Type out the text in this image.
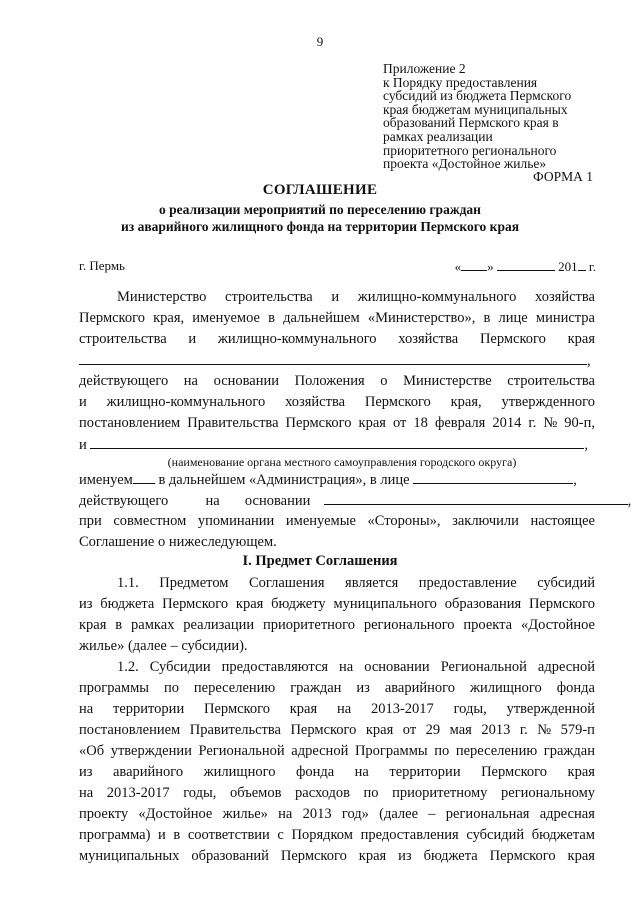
9
Приложение 2
к Порядку предоставления
субсидий из бюджета Пермского
края бюджетам муниципальных
образований Пермского края в
рамках реализации
приоритетного регионального
проекта «Достойное жилье»
ФОРМА 1
СОГЛАШЕНИЕ
о реализации мероприятий по переселению граждан
из аварийного жилищного фонда на территории Пермского края
г. Пермь	« »	201 г.
Министерство строительства и жилищно-коммунального хозяйства
Пермского края, именуемое в дальнейшем «Министерство», в лице министра
строительства и жилищно-коммунального хозяйства Пермского края
,
действующего на основании Положения о Министерстве строительства
и жилищно-коммунального хозяйства Пермского края, утвержденного
постановлением Правительства Пермского края от 18 февраля 2014 г. № 90-п,
и	,
(наименование органа местного самоуправления городского округа)
именуем в дальнейшем «Администрация», в лице	,
действующего	на основании	,
при совместном упоминании именуемые «Стороны», заключили настоящее
Соглашение о нижеследующем.
I. Предмет Соглашения
1.1. Предметом Соглашения является предоставление субсидий
из бюджета Пермского края бюджету муниципального образования Пермского
края в рамках реализации приоритетного регионального проекта «Достойное
жилье» (далее – субсидии).
1.2. Субсидии предоставляются на основании Региональной адресной
программы по переселению граждан из аварийного жилищного фонда
на территории Пермского края на 2013-2017 годы, утвержденной
постановлением Правительства Пермского края от 29 мая 2013 г. № 579-п
«Об утверждении Региональной адресной Программы по переселению граждан
из аварийного жилищного фонда на территории Пермского края
на 2013-2017 годы, объемов расходов по приоритетному региональному
проекту «Достойное жилье» на 2013 год» (далее – региональная адресная
программа) и в соответствии с Порядком предоставления субсидий бюджетам
муниципальных образований Пермского края из бюджета Пермского края
